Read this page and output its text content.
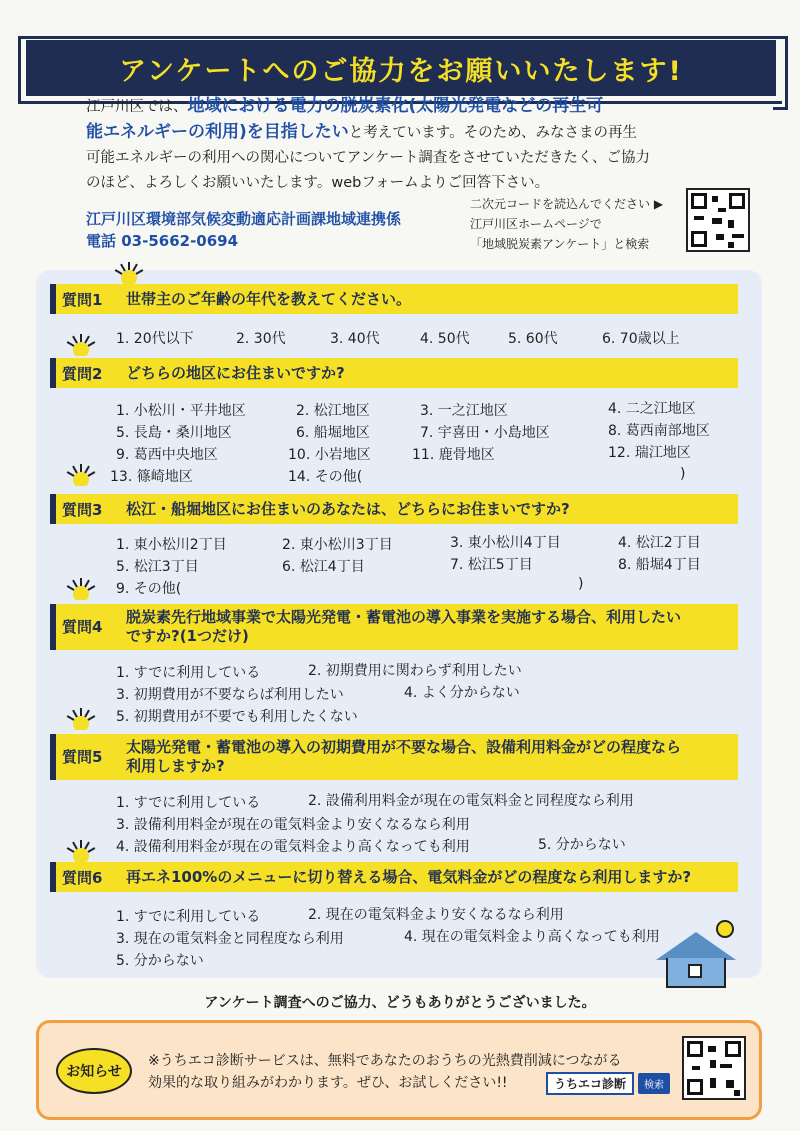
アンケートへのご協力をお願いいたします!
江戸川区では、地域における電力の脱炭素化(太陽光発電などの再生可
能エネルギーの利用)を目指したいと考えています。そのため、みなさまの再生
可能エネルギーの利用への関心についてアンケート調査をさせていただきたく、ご協力
のほど、よろしくお願いいたします。webフォームよりご回答下さい。
江戸川区環境部気候変動適応計画課地域連携係
電話 03-5662-0694
二次元コードを読込んでください ▶
江戸川区ホームページで
「地域脱炭素アンケート」と検索
質問1	世帯主のご年齢の年代を教えてください。
1. 20代以下	2. 30代	3. 40代	4. 50代	5. 60代	6. 70歳以上
質問2	どちらの地区にお住まいですか?
1. 小松川・平井地区	2. 松江地区	3. 一之江地区	4. 二之江地区
5. 長島・桑川地区	6. 船堀地区	7. 宇喜田・小島地区	8. 葛西南部地区
9. 葛西中央地区	10. 小岩地区	11. 鹿骨地区	12. 瑞江地区
13. 篠崎地区	14. その他(	)
質問3	松江・船堀地区にお住まいのあなたは、どちらにお住まいですか?
1. 東小松川2丁目	2. 東小松川3丁目	3. 東小松川4丁目	4. 松江2丁目
5. 松江3丁目	6. 松江4丁目	7. 松江5丁目	8. 船堀4丁目
9. その他(	)
質問4
脱炭素先行地域事業で太陽光発電・蓄電池の導入事業を実施する場合、利用したい
ですか?(1つだけ)
1. すでに利用している	2. 初期費用に関わらず利用したい
3. 初期費用が不要ならば利用したい	4. よく分からない
5. 初期費用が不要でも利用したくない
質問5
太陽光発電・蓄電池の導入の初期費用が不要な場合、設備利用料金がどの程度なら
利用しますか?
1. すでに利用している	2. 設備利用料金が現在の電気料金と同程度なら利用
3. 設備利用料金が現在の電気料金より安くなるなら利用
4. 設備利用料金が現在の電気料金より高くなっても利用	5. 分からない
質問6	再エネ100%のメニューに切り替える場合、電気料金がどの程度なら利用しますか?
1. すでに利用している	2. 現在の電気料金より安くなるなら利用
3. 現在の電気料金と同程度なら利用	4. 現在の電気料金より高くなっても利用
5. 分からない
アンケート調査へのご協力、どうもありがとうございました。
お知らせ
※うちエコ診断サービスは、無料であなたのおうちの光熱費削減につながる
効果的な取り組みがわかります。ぜひ、お試しください!!	うちエコ診断	検索
